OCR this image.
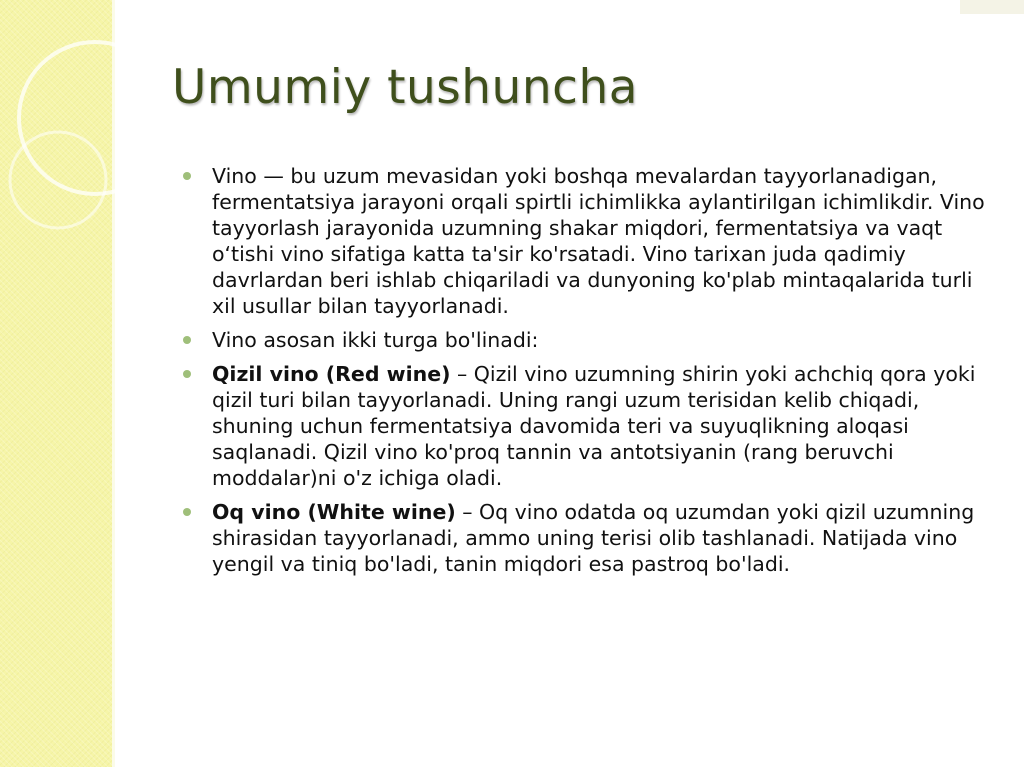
Umumiy tushuncha
Vino — bu uzum mevasidan yoki boshqa mevalardan tayyorlanadigan, fermentatsiya jarayoni orqali spirtli ichimlikka aylantirilgan ichimlikdir. Vino tayyorlash jarayonida uzumning shakar miqdori, fermentatsiya va vaqt o‘tishi vino sifatiga katta ta'sir ko'rsatadi. Vino tarixan juda qadimiy davrlardan beri ishlab chiqariladi va dunyoning ko'plab mintaqalarida turli xil usullar bilan tayyorlanadi.
Vino asosan ikki turga bo'linadi:
Qizil vino (Red wine) – Qizil vino uzumning shirin yoki achchiq qora yoki qizil turi bilan tayyorlanadi. Uning rangi uzum terisidan kelib chiqadi, shuning uchun fermentatsiya davomida teri va suyuqlikning aloqasi saqlanadi. Qizil vino ko'proq tannin va antotsiyanin (rang beruvchi moddalar)ni o'z ichiga oladi.
Oq vino (White wine) – Oq vino odatda oq uzumdan yoki qizil uzumning shirasidan tayyorlanadi, ammo uning terisi olib tashlanadi. Natijada vino yengil va tiniq bo'ladi, tanin miqdori esa pastroq bo'ladi.
